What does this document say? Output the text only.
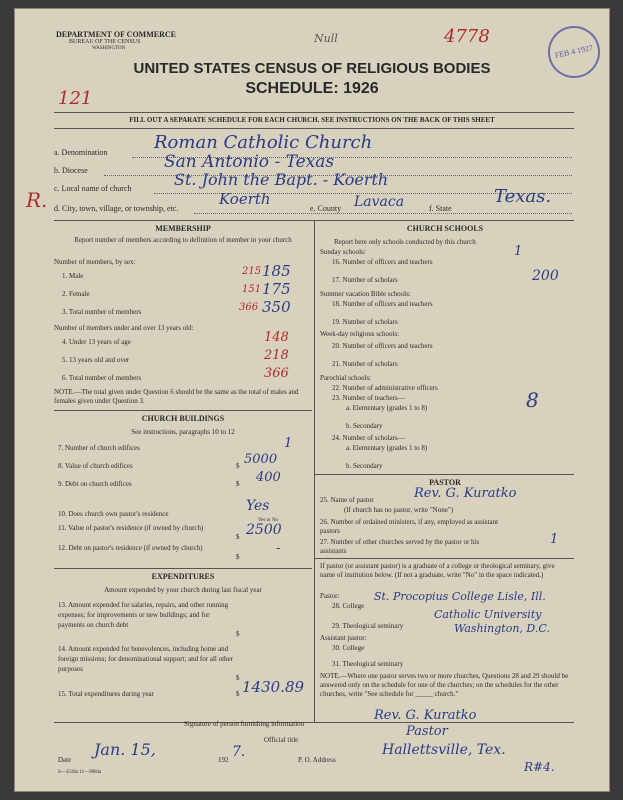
DEPARTMENT OF COMMERCE
BUREAU OF THE CENSUS
WASHINGTON
Null	4778
FEB 4 1927
UNITED STATES CENSUS OF RELIGIOUS BODIES
SCHEDULE: 1926
121
FILL OUT A SEPARATE SCHEDULE FOR EACH CHURCH. SEE INSTRUCTIONS ON THE BACK OF THIS SHEET
a. Denomination	Roman Catholic Church
b. Diocese	San Antonio - Texas
c. Local name of church	St. John the Bapt. - Koerth
R. d. City, town, village, or township, etc.
Koerth
e. County Lavaca	f. State
Texas.
MEMBERSHIP
Report number of members according to definition of member in your church
Number of members, by sex:
1. Male	215 185
2. Female	151 175
3. Total number of members	366 350
Number of members under and over 13 years old:
4. Under 13 years of age	148
5. 13 years old and over	218
6. Total number of members	366
NOTE.—The total given under Question 6 should be the same as the total of males and females given under Question 3.
CHURCH BUILDINGS
See instructions, paragraphs 10 to 12
7. Number of church edifices	1
8. Value of church edifices	$ 5000
9. Debt on church edifices	$ 400
10. Does church own pastor's residence	Yes
Yes or No
11. Value of pastor's residence (if owned by church)
$ 2500
12. Debt on pastor's residence (if owned by church)
$
-
EXPENDITURES
Amount expended by your church during last fiscal year
13. Amount expended for salaries, repairs, and other running expenses; for improvements or new buildings; and for payments on church debt
$
14. Amount expended for benevolences, including home and foreign missions; for denominational support; and for all other purposes
$
15. Total expenditures during year	$ 1430.89
CHURCH SCHOOLS
Report here only schools conducted by this church
Sunday schools:
16. Number of officers and teachers
1
17. Number of scholars	200
Summer vacation Bible schools:
18. Number of officers and teachers
19. Number of scholars
Week-day religious schools:
20. Number of officers and teachers
21. Number of scholars
Parochial schools:
22. Number of administrative officers
23. Number of teachers—
a. Elementary (grades 1 to 8)	8
b. Secondary
24. Number of scholars—
a. Elementary (grades 1 to 8)
b. Secondary
PASTOR
25. Name of pastor	Rev. G. Kuratko
(If church has no pastor, write "None")
26. Number of ordained ministers, if any, employed as assistant pastors
27. Number of other churches served by the pastor or his assistants
1
If pastor (or assistant pastor) is a graduate of a college or theological seminary, give name of institution below. (If not a graduate, write "No" in the space indicated.)
Pastor:
28. College
St. Procopius College Lisle, Ill.
29. Theological seminary
Catholic University
Washington, D.C.
Assistant pastor:
30. College
31. Theological seminary
NOTE.—Where one pastor serves two or more churches, Questions 28 and 29 should be answered only on the schedule for one of the churches; on the schedules for the other churches, write "See schedule for _____ church."
Signature of person furnishing information
Rev. G. Kuratko
Official title
Pastor
Date
Jan. 15,
192 7.	P. O. Address
Hallettsville, Tex.
R#4.
S—3518a 11—9084a
